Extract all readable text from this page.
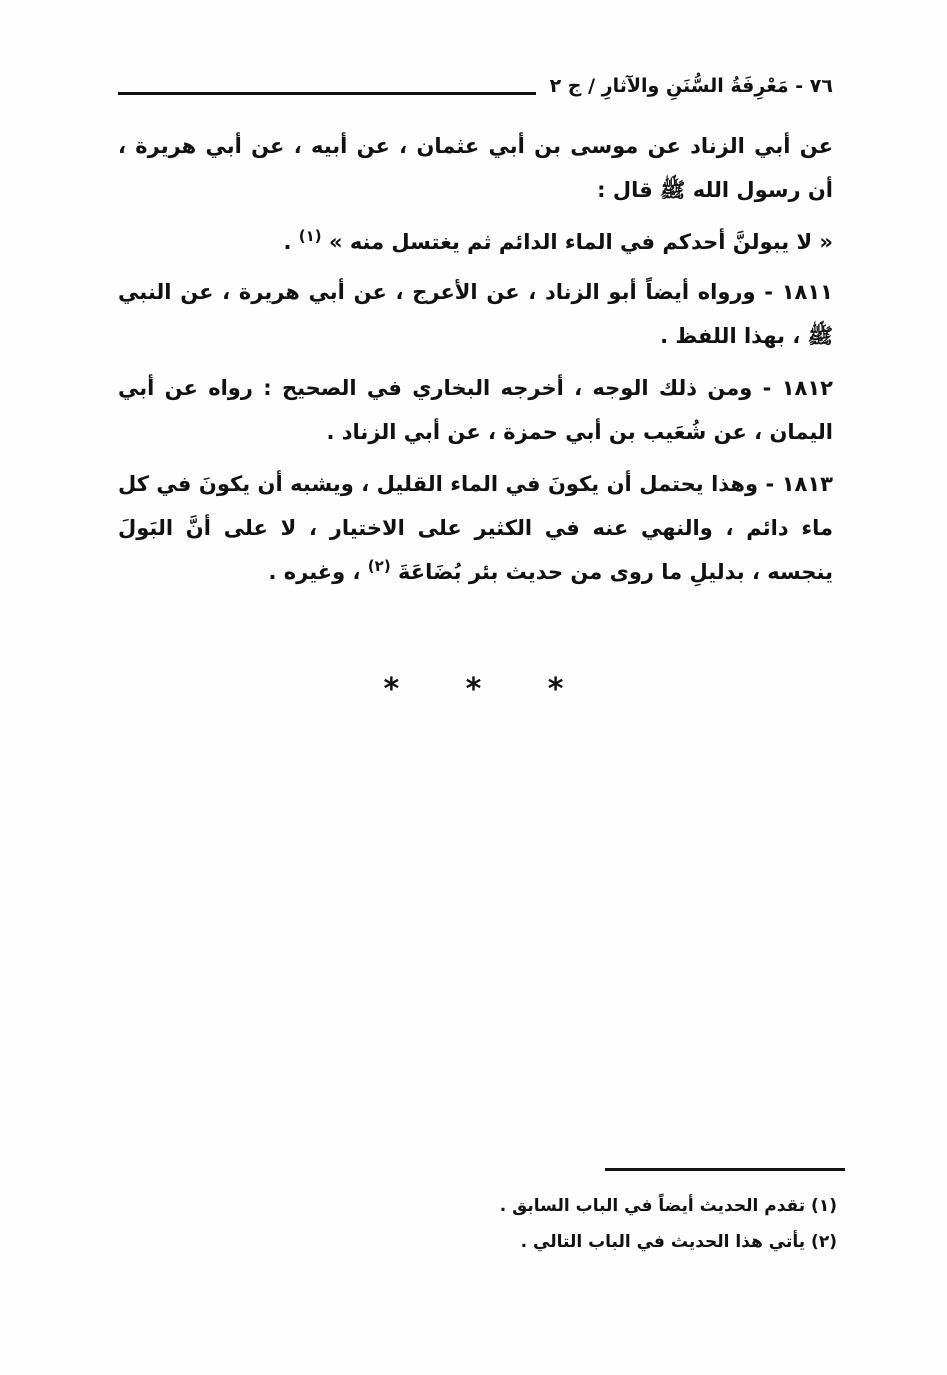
٧٦ - مَعْرِفَةُ السُّنَنِ والآثارِ / ج ٢

عن أبي الزناد عن موسى بن أبي عثمان ، عن أبيه ، عن أبي هريرة ، أن رسول الله ﷺ قال :

« لا يبولنَّ أحدكم في الماء الدائم ثم يغتسل منه » $^{(١)}$ .

١٨١١ - ورواه أيضاً أبو الزناد ، عن الأعرج ، عن أبي هريرة ، عن النبي ﷺ ، بهذا اللفظ .

١٨١٢ - ومن ذلك الوجه ، أخرجه البخاري في الصحيح : رواه عن أبي اليمان ، عن شُعَيب بن أبي حمزة ، عن أبي الزناد .

١٨١٣ - وهذا يحتمل أن يكونَ في الماء القليل ، ويشبه أن يكونَ في كل ماء دائم ، والنهي عنه في الكثير على الاختيار ، لا على أنَّ البَولَ ينجسه ، بدليلِ ما روى من حديث بئر بُضَاعَةَ $^{(٢)}$ ، وغيره .

* * *
(١) تقدم الحديث أيضاً في الباب السابق .
(٢) يأتي هذا الحديث في الباب التالي .
